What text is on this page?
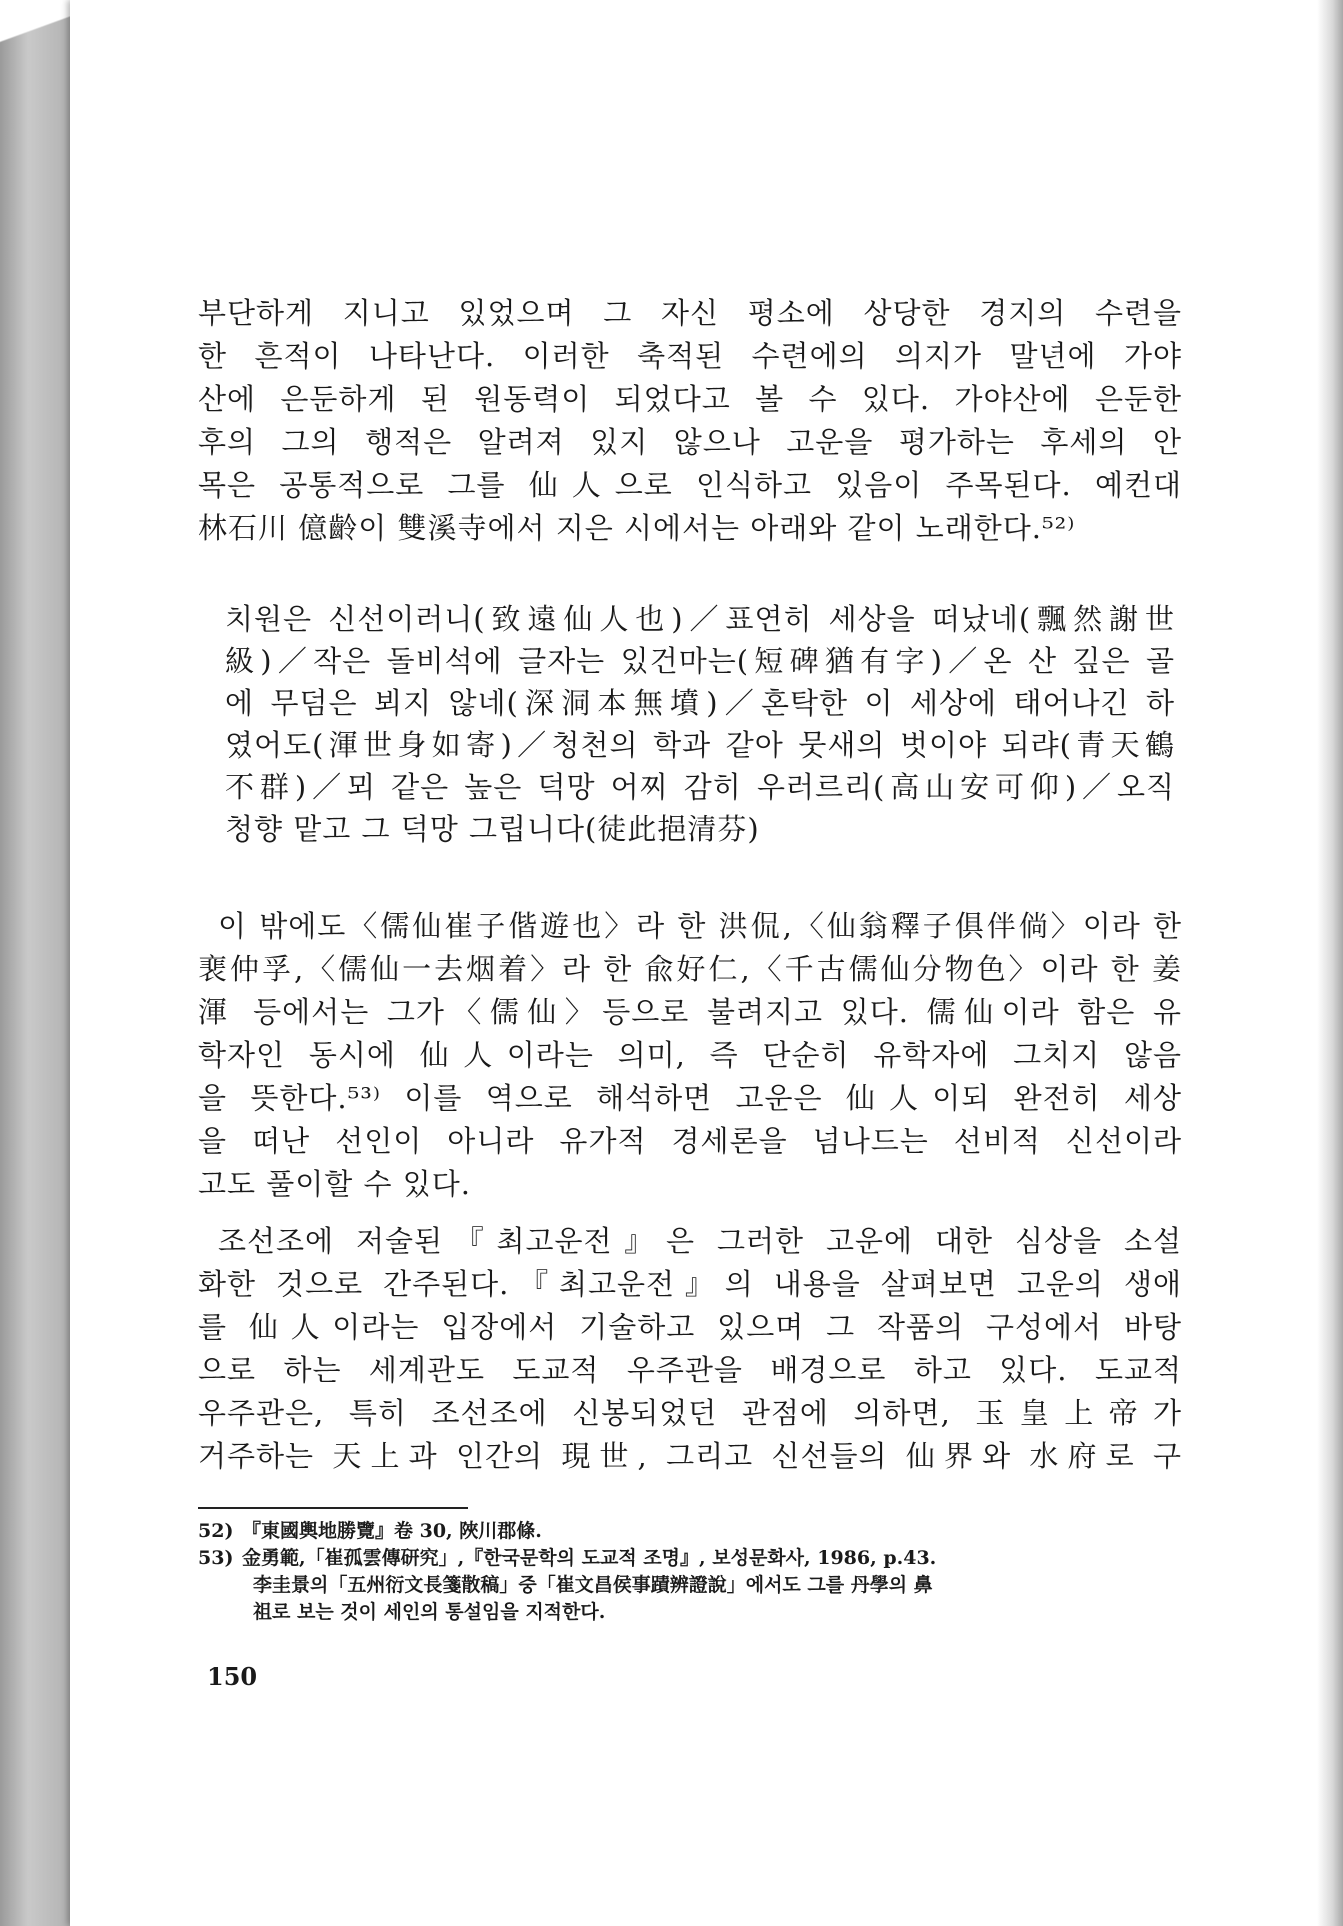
부단하게 지니고 있었으며 그 자신 평소에 상당한 경지의 수련을
한 흔적이 나타난다. 이러한 축적된 수련에의 의지가 말년에 가야
산에 은둔하게 된 원동력이 되었다고 볼 수 있다. 가야산에 은둔한
후의 그의 행적은 알려져 있지 않으나 고운을 평가하는 후세의 안
목은 공통적으로 그를 仙人으로 인식하고 있음이 주목된다. 예컨대
林石川 億齡이 雙溪寺에서 지은 시에서는 아래와 같이 노래한다.⁵²⁾
치원은 신선이러니(致遠仙人也)／표연히 세상을 떠났네(飄然謝世
級)／작은 돌비석에 글자는 있건마는(短碑猶有字)／온 산 깊은 골
에 무덤은 뵈지 않네(深洞本無墳)／혼탁한 이 세상에 태어나긴 하
였어도(渾世身如寄)／청천의 학과 같아 뭇새의 벗이야 되랴(青天鶴
不群)／뫼 같은 높은 덕망 어찌 감히 우러르리(高山安可仰)／오직
청향 맡고 그 덕망 그립니다(徒此挹清芬)
이 밖에도〈儒仙崔子偕遊也〉라 한 洪侃,〈仙翁釋子俱伴倘〉이라 한
裵仲孚,〈儒仙一去烟着〉라 한 兪好仁,〈千古儒仙分物色〉이라 한 姜
渾 등에서는 그가〈儒仙〉등으로 불려지고 있다. 儒仙이라 함은 유
학자인 동시에 仙人이라는 의미, 즉 단순히 유학자에 그치지 않음
을 뜻한다.⁵³⁾ 이를 역으로 해석하면 고운은 仙人이되 완전히 세상
을 떠난 선인이 아니라 유가적 경세론을 넘나드는 선비적 신선이라
고도 풀이할 수 있다.
조선조에 저술된『최고운전』은 그러한 고운에 대한 심상을 소설
화한 것으로 간주된다.『최고운전』의 내용을 살펴보면 고운의 생애
를 仙人이라는 입장에서 기술하고 있으며 그 작품의 구성에서 바탕
으로 하는 세계관도 도교적 우주관을 배경으로 하고 있다. 도교적
우주관은, 특히 조선조에 신봉되었던 관점에 의하면, 玉皇上帝가
거주하는 天上과 인간의 現世, 그리고 신선들의 仙界와 水府로 구
52) 『東國輿地勝覽』卷 30, 陜川郡條.
53) 金勇範,「崔孤雲傳研究」,『한국문학의 도교적 조명』, 보성문화사, 1986, p.43.
李圭景의「五州衍文長箋散稿」중「崔文昌侯事蹟辨證說」에서도 그를 丹學의 鼻
祖로 보는 것이 세인의 통설임을 지적한다.
150
